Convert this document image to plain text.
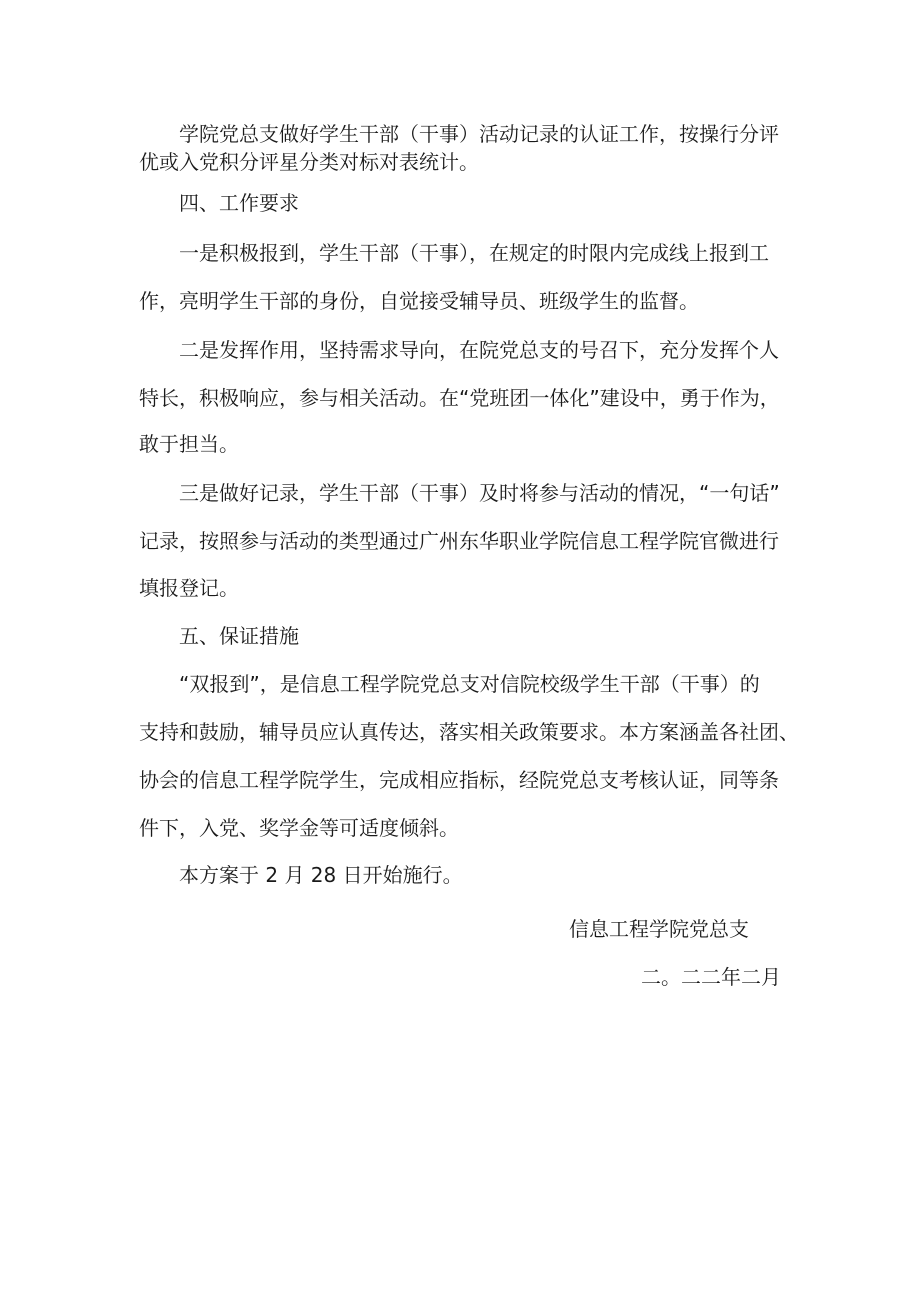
学院党总支做好学生干部（干事）活动记录的认证工作，按操行分评
优或入党积分评星分类对标对表统计。
四、工作要求
一是积极报到，学生干部（干事），在规定的时限内完成线上报到工
作，亮明学生干部的身份，自觉接受辅导员、班级学生的监督。
二是发挥作用，坚持需求导向，在院党总支的号召下，充分发挥个人
特长，积极响应，参与相关活动。在“党班团一体化”建设中，勇于作为，
敢于担当。
三是做好记录，学生干部（干事）及时将参与活动的情况，“一句话”
记录，按照参与活动的类型通过广州东华职业学院信息工程学院官微进行
填报登记。
五、保证措施
“双报到”，是信息工程学院党总支对信院校级学生干部（干事）的
支持和鼓励，辅导员应认真传达，落实相关政策要求。本方案涵盖各社团、
协会的信息工程学院学生，完成相应指标，经院党总支考核认证，同等条
件下，入党、奖学金等可适度倾斜。
本方案于 2 月 28 日开始施行。
信息工程学院党总支
二。二二年二月
